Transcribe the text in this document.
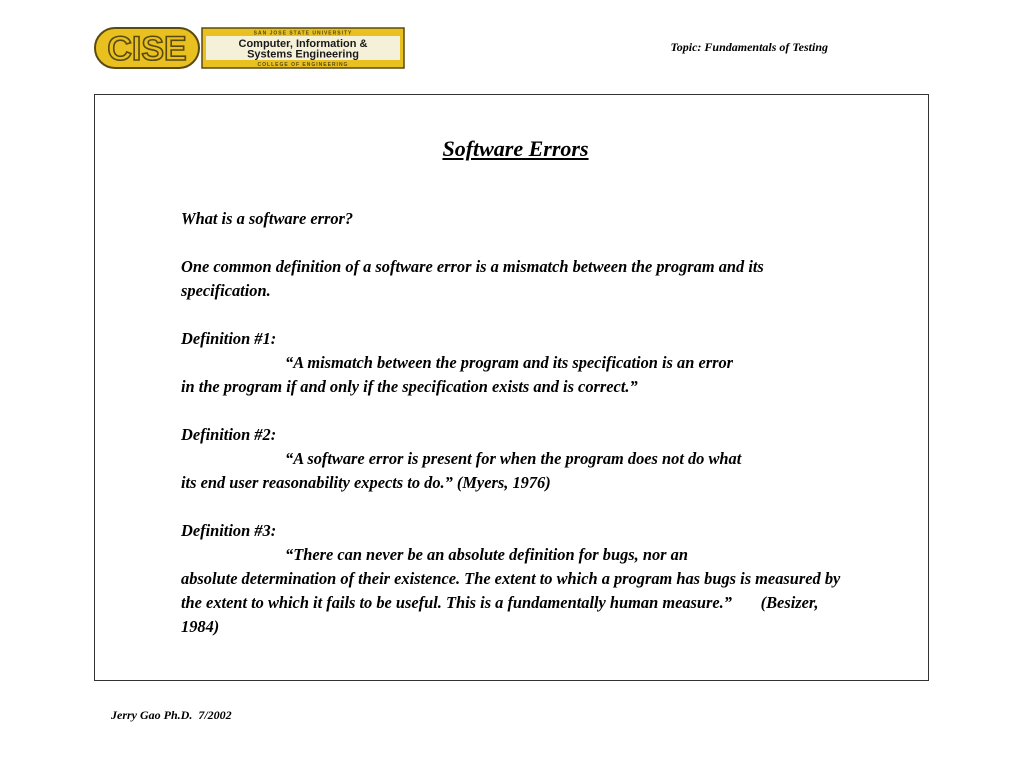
CISE	SAN JOSE STATE UNIVERSITY
Computer, Information &
Systems Engineering
COLLEGE OF ENGINEERING
Topic: Fundamentals of Testing
Software Errors

What is a software error?

One common definition of a software error is a mismatch between the program and its specification.

Definition #1:

“A mismatch between the program and its specification is an error
in the program if and only if the specification exists and is correct.”

Definition #2:

“A software error is present for when the program does not do what
its end user reasonability expects to do.” (Myers, 1976)

Definition #3:

“There can never be an absolute definition for bugs, nor an
absolute determination of their existence. The extent to which a program has bugs is measured by the extent to which it fails to be useful. This is a fundamentally human measure.”       (Besizer, 1984)

Jerry Gao Ph.D.  7/2002
